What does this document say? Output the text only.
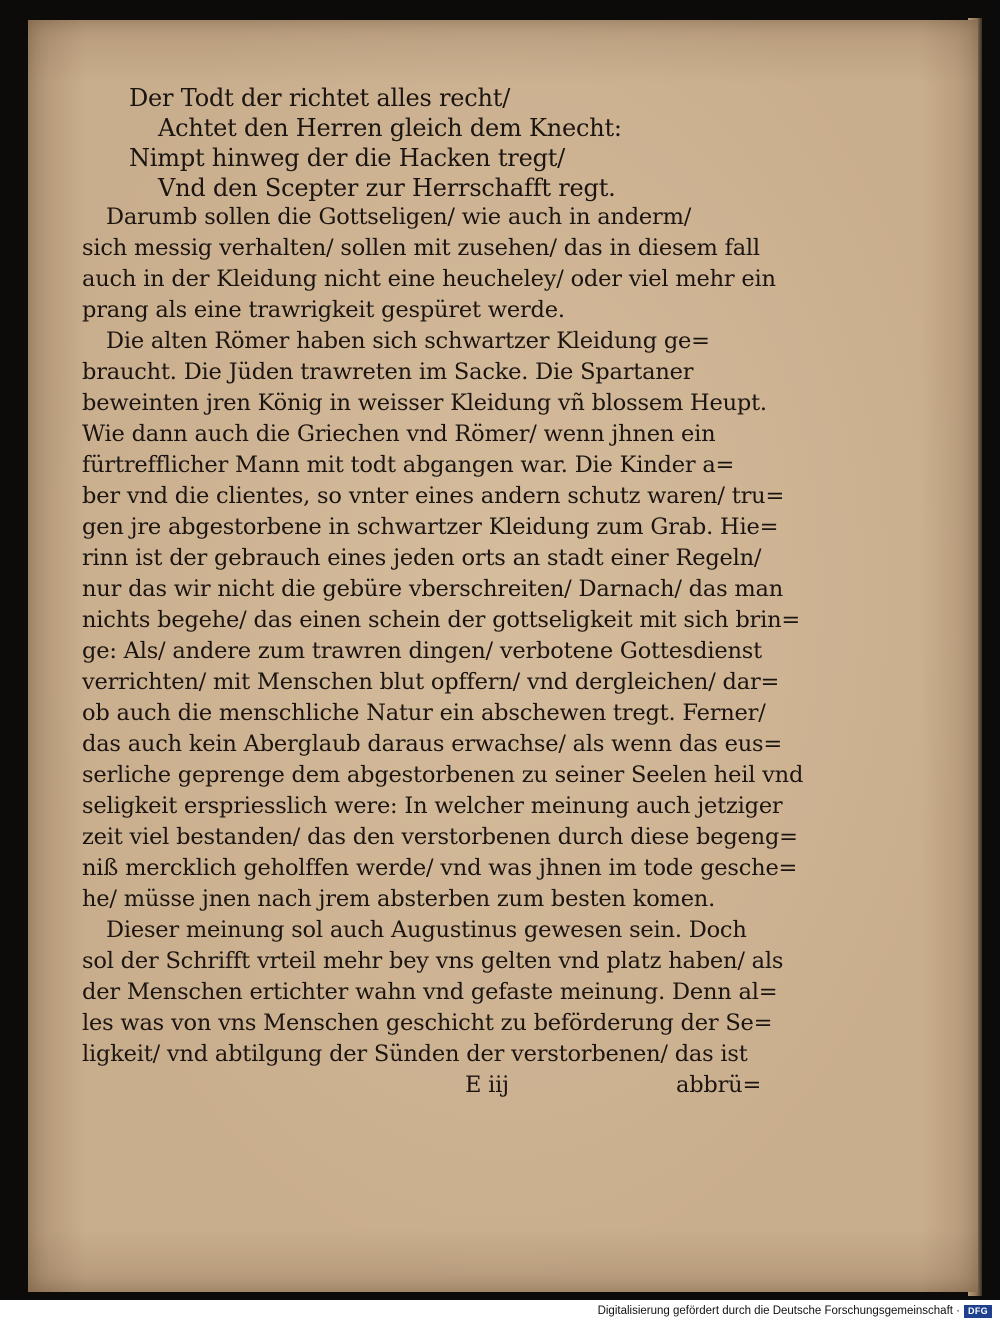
Der Todt der richtet alles recht/
Achtet den Herren gleich dem Knecht:
Nimpt hinweg der die Hacken tregt/
Vnd den Scepter zur Herrschafft regt.
Darumb sollen die Gottseligen/ wie auch in anderm/
sich messig verhalten/ sollen mit zusehen/ das in diesem fall
auch in der Kleidung nicht eine heucheley/ oder viel mehr ein
prang als eine trawrigkeit gespüret werde.
Die alten Römer haben sich schwartzer Kleidung ge=
braucht. Die Jüden trawreten im Sacke. Die Spartaner
beweinten jren König in weisser Kleidung vñ blossem Heupt.
Wie dann auch die Griechen vnd Römer/ wenn jhnen ein
fürtrefflicher Mann mit todt abgangen war. Die Kinder a=
ber vnd die clientes, so vnter eines andern schutz waren/ tru=
gen jre abgestorbene in schwartzer Kleidung zum Grab. Hie=
rinn ist der gebrauch eines jeden orts an stadt einer Regeln/
nur das wir nicht die gebüre vberschreiten/ Darnach/ das man
nichts begehe/ das einen schein der gottseligkeit mit sich brin=
ge: Als/ andere zum trawren dingen/ verbotene Gottesdienst
verrichten/ mit Menschen blut opffern/ vnd dergleichen/ dar=
ob auch die menschliche Natur ein abschewen tregt. Ferner/
das auch kein Aberglaub daraus erwachse/ als wenn das eus=
serliche geprenge dem abgestorbenen zu seiner Seelen heil vnd
seligkeit erspriesslich were: In welcher meinung auch jetziger
zeit viel bestanden/ das den verstorbenen durch diese begeng=
niß mercklich geholffen werde/ vnd was jhnen im tode gesche=
he/ müsse jnen nach jrem absterben zum besten komen.
Dieser meinung sol auch Augustinus gewesen sein. Doch
sol der Schrifft vrteil mehr bey vns gelten vnd platz haben/ als
der Menschen ertichter wahn vnd gefaste meinung. Denn al=
les was von vns Menschen geschicht zu beförderung der Se=
ligkeit/ vnd abtilgung der Sünden der verstorbenen/ das ist
E iij	abbrü=
Digitalisierung gefördert durch die Deutsche Forschungsgemeinschaft · DFG
